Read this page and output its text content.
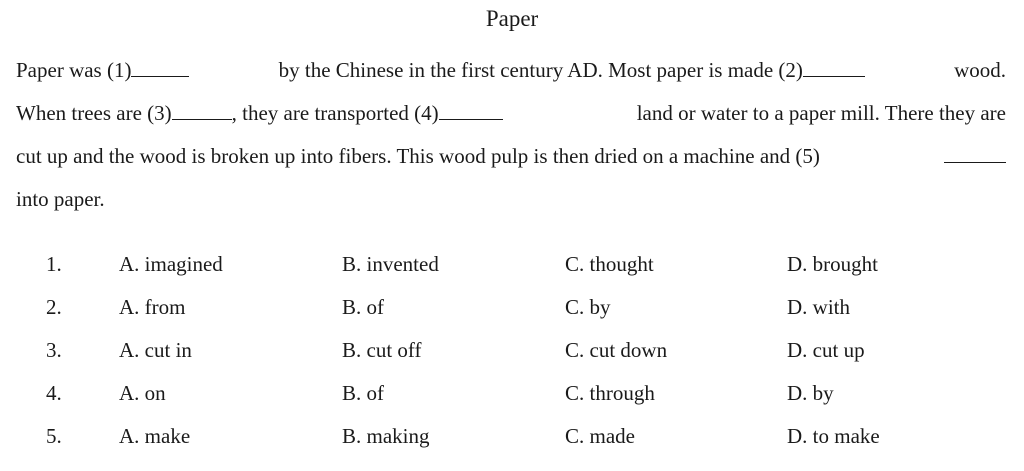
Paper
Paper was (1)	by the Chinese in the first century AD. Most paper is made (2)	wood.
When trees are (3)	, they are transported (4)	land or water to a paper mill. There they are
cut up and the wood is broken up into fibers. This wood pulp is then dried on a machine and (5)
into paper.
1.	A. imagined	B. invented	C. thought	D. brought
2.	A. from	B. of	C. by	D. with
3.	A. cut in	B. cut off	C. cut down	D. cut up
4.	A. on	B. of	C. through	D. by
5.	A. make	B. making	C. made	D. to make
